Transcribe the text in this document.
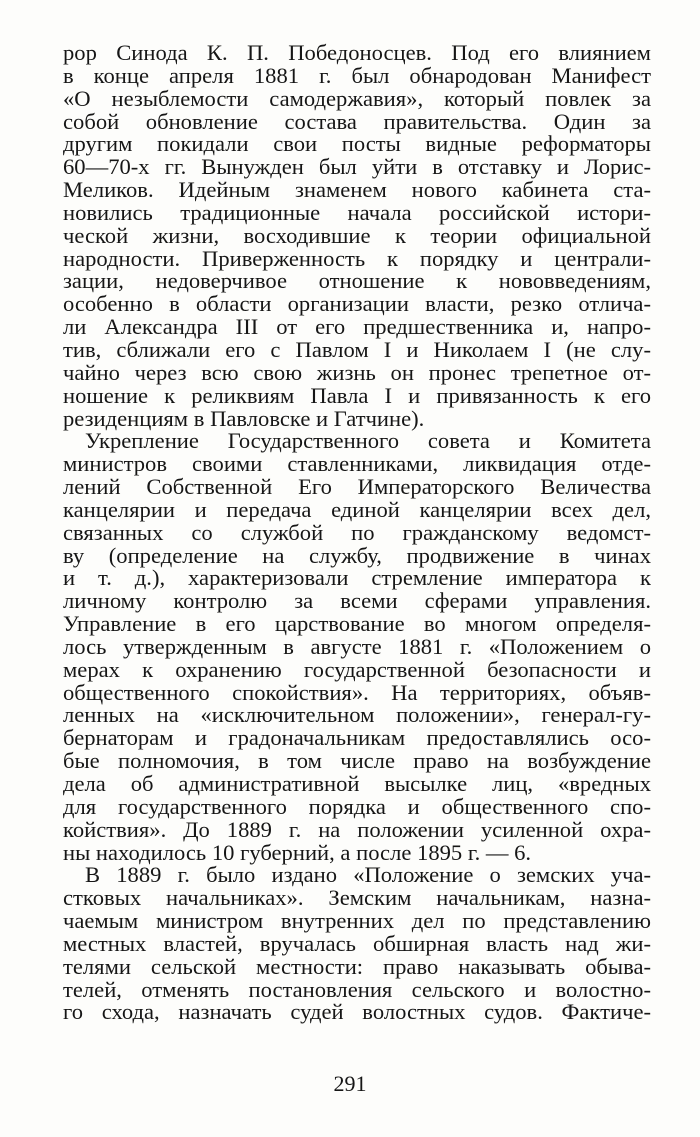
рор Синода К. П. Победоносцев. Под его влиянием
в конце апреля 1881 г. был обнародован Манифест
«О незыблемости самодержавия», который повлек за
собой обновление состава правительства. Один за
другим покидали свои посты видные реформаторы
60—70-х гг. Вынужден был уйти в отставку и Лорис-
Меликов. Идейным знаменем нового кабинета ста-
новились традиционные начала российской истори-
ческой жизни, восходившие к теории официальной
народности. Приверженность к порядку и централи-
зации, недоверчивое отношение к нововведениям,
особенно в области организации власти, резко отлича-
ли Александра III от его предшественника и, напро-
тив, сближали его с Павлом I и Николаем I (не слу-
чайно через всю свою жизнь он пронес трепетное от-
ношение к реликвиям Павла I и привязанность к его
резиденциям в Павловске и Гатчине).
Укрепление Государственного совета и Комитета
министров своими ставленниками, ликвидация отде-
лений Собственной Его Императорского Величества
канцелярии и передача единой канцелярии всех дел,
связанных со службой по гражданскому ведомст-
ву (определение на службу, продвижение в чинах
и т. д.), характеризовали стремление императора к
личному контролю за всеми сферами управления.
Управление в его царствование во многом определя-
лось утвержденным в августе 1881 г. «Положением о
мерах к охранению государственной безопасности и
общественного спокойствия». На территориях, объяв-
ленных на «исключительном положении», генерал-гу-
бернаторам и градоначальникам предоставлялись осо-
бые полномочия, в том числе право на возбуждение
дела об административной высылке лиц, «вредных
для государственного порядка и общественного спо-
койствия». До 1889 г. на положении усиленной охра-
ны находилось 10 губерний, а после 1895 г. — 6.
В 1889 г. было издано «Положение о земских уча-
стковых начальниках». Земским начальникам, назна-
чаемым министром внутренних дел по представлению
местных властей, вручалась обширная власть над жи-
телями сельской местности: право наказывать обыва-
телей, отменять постановления сельского и волостно-
го схода, назначать судей волостных судов. Фактиче-
291
